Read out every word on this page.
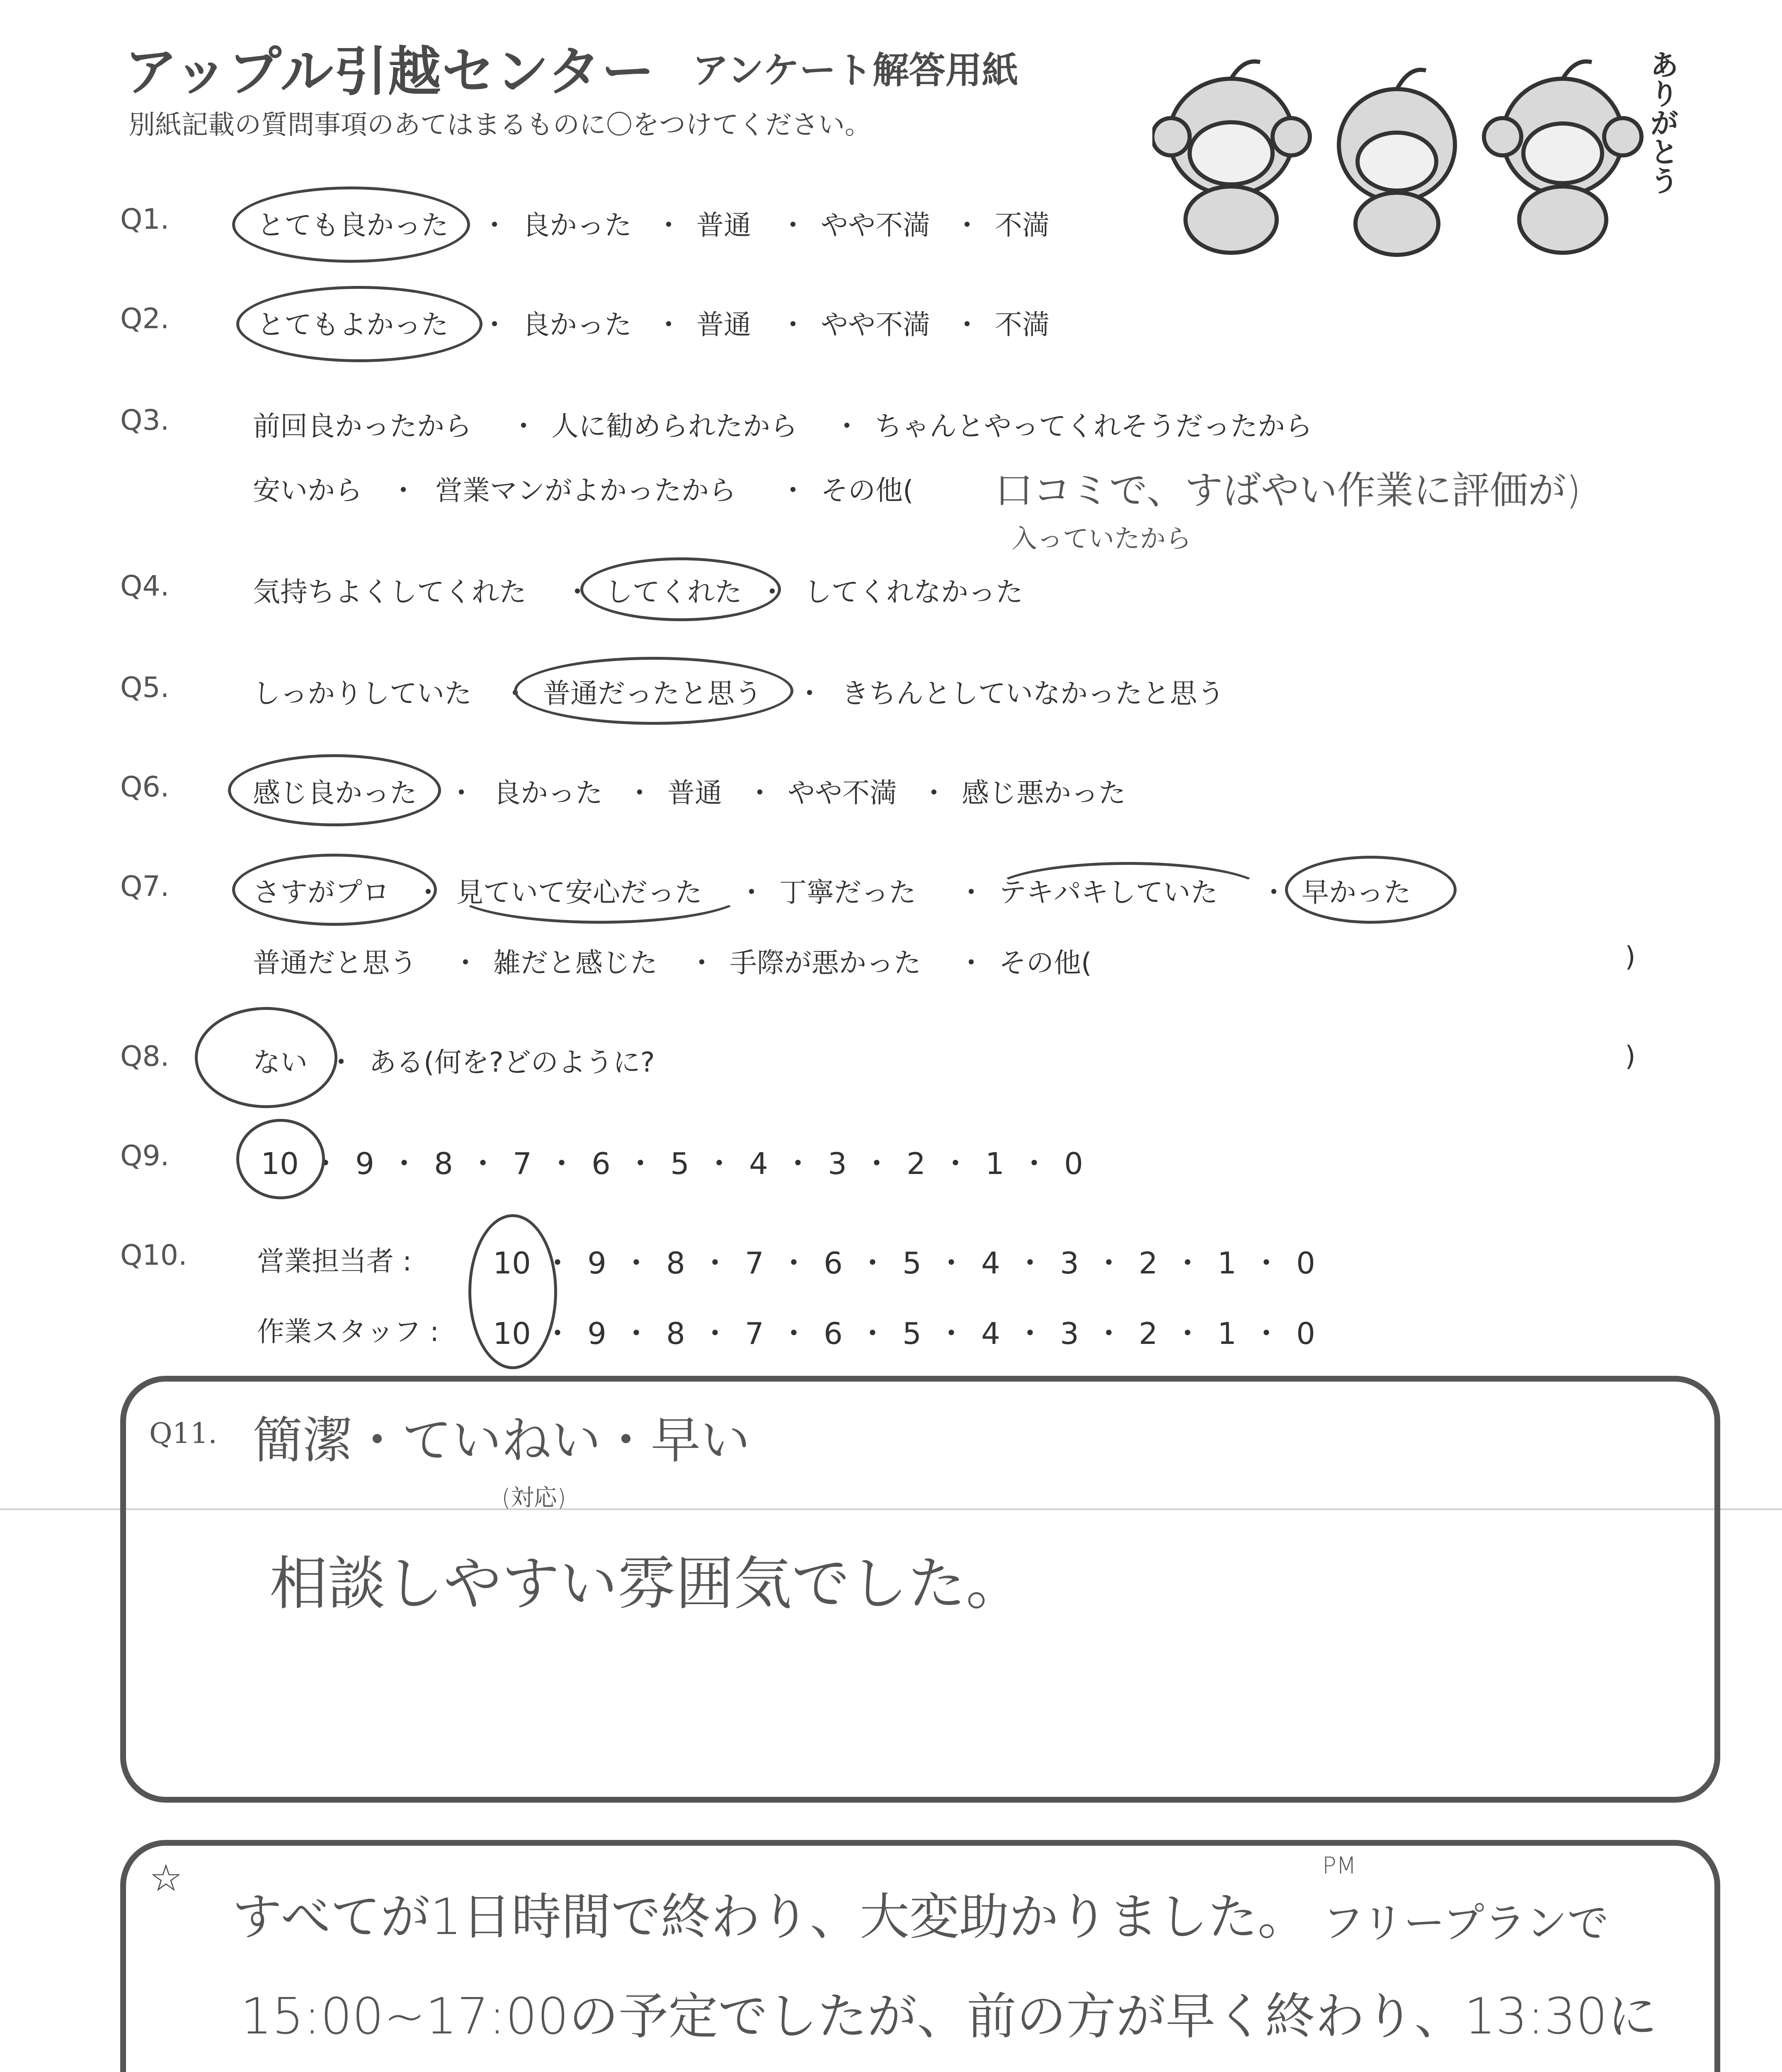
アップル引越センター アンケート解答用紙
別紙記載の質問事項のあてはまるものに〇をつけてください。	ありがとう
Q1.	とても良かった ・ 良かった ・ 普通 ・ やや不満 ・ 不満
Q2.	とてもよかった ・ 良かった ・ 普通 ・ やや不満 ・ 不満
Q3.	前回良かったから ・ 人に勧められたから ・ ちゃんとやってくれそうだったから
安いから ・ 営業マンがよかったから ・ その他( 口コミで、すばやい作業に評価が)
入っていたから
Q4.	気持ちよくしてくれた ・ してくれた ・ してくれなかった
Q5.	しっかりしていた ・ 普通だったと思う ・ きちんとしていなかったと思う
Q6.	感じ良かった ・ 良かった ・ 普通 ・ やや不満 ・ 感じ悪かった
Q7.	さすがプロ ・ 見ていて安心だった ・ 丁寧だった ・ テキパキしていた ・ 早かった
普通だと思う ・ 雑だと感じた ・ 手際が悪かった ・ その他(	)
Q8.	ない ・ ある(何を?どのように?	)
Q9.	10 ・ 9 ・ 8 ・ 7 ・ 6 ・ 5 ・ 4 ・ 3 ・ 2 ・ 1 ・ 0
Q10.	営業担当者 :	10 ・ 9 ・ 8 ・ 7 ・ 6 ・ 5 ・ 4 ・ 3 ・ 2 ・ 1 ・ 0
作業スタッフ : 10 ・ 9 ・ 8 ・ 7 ・ 6 ・ 5 ・ 4 ・ 3 ・ 2 ・ 1 ・ 0
Q11. 簡潔・ていねい・早い
(対応)
相談しやすい雰囲気でした。
☆
すべてが1日時間で終わり、大変助かりました。
PM
フリープランで
15:00~17:00の予定でしたが、前の方が早く終わり、13:30に
